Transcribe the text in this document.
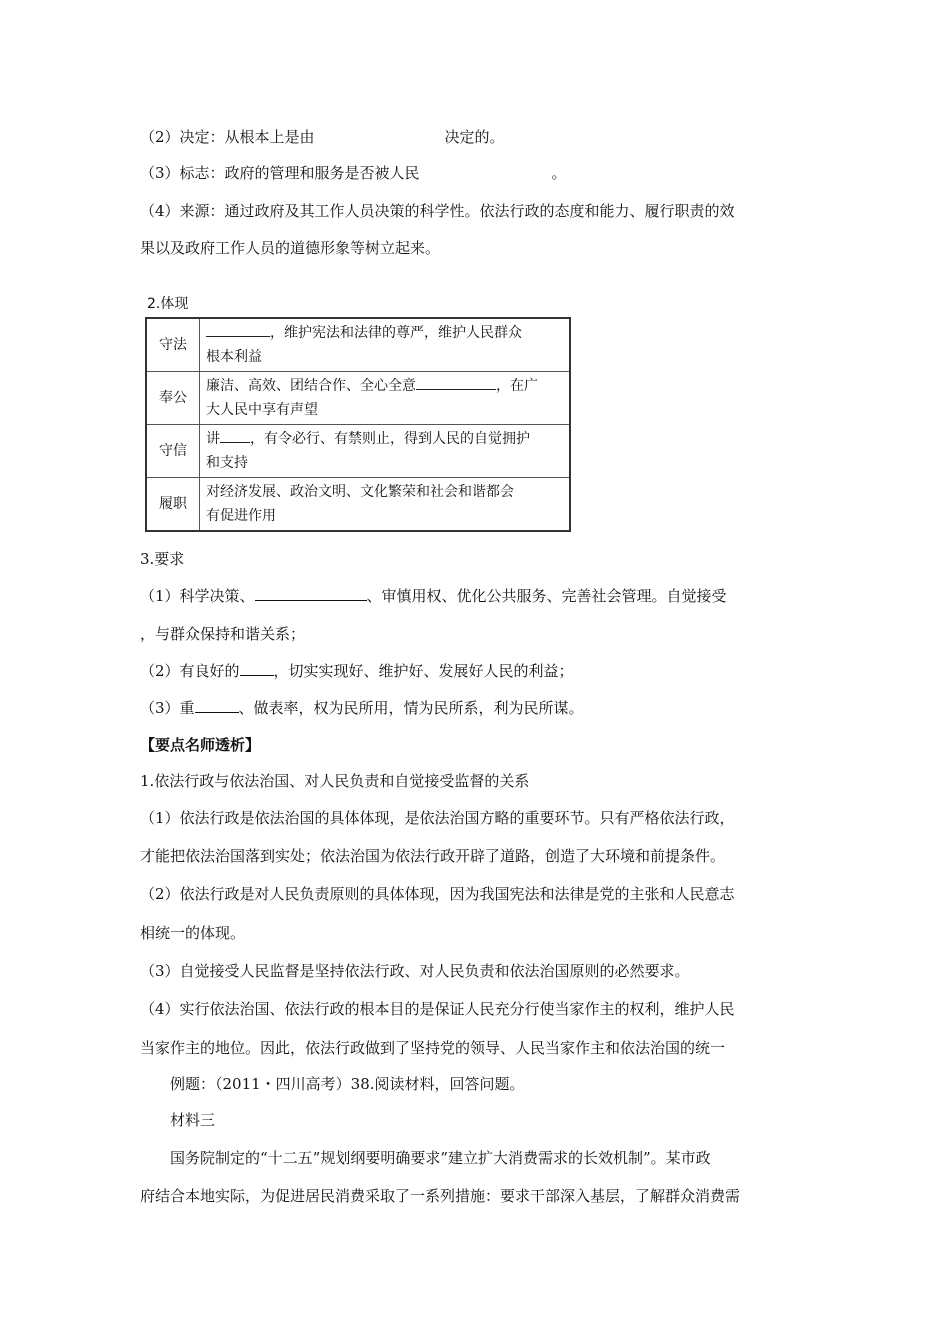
（2）决定：从根本上是由	决定的。
（3）标志：政府的管理和服务是否被人民	。
（4）来源：通过政府及其工作人员决策的科学性。依法行政的态度和能力、履行职责的效
果以及政府工作人员的道德形象等树立起来。
2.体现
守法	，维护宪法和法律的尊严，维护人民群众
根本利益
奉公	廉洁、高效、团结合作、全心全意 ，在广
大人民中享有声望
守信	讲 ，有令必行、有禁则止，得到人民的自觉拥护
和支持
履职	对经济发展、政治文明、文化繁荣和社会和谐都会
有促进作用
3.要求
（1）科学决策、	、审慎用权、优化公共服务、完善社会管理。自觉接受
，与群众保持和谐关系；
（2）有良好的 ，切实实现好、维护好、发展好人民的利益；
（3）重	、做表率，权为民所用，情为民所系，利为民所谋。
【要点名师透析】
1.依法行政与依法治国、对人民负责和自觉接受监督的关系
（1）依法行政是依法治国的具体体现，是依法治国方略的重要环节。只有严格依法行政，
才能把依法治国落到实处；依法治国为依法行政开辟了道路，创造了大环境和前提条件。
（2）依法行政是对人民负责原则的具体体现，因为我国宪法和法律是党的主张和人民意志
相统一的体现。
（3）自觉接受人民监督是坚持依法行政、对人民负责和依法治国原则的必然要求。
（4）实行依法治国、依法行政的根本目的是保证人民充分行使当家作主的权利，维护人民
当家作主的地位。因此，依法行政做到了坚持党的领导、人民当家作主和依法治国的统一
例题：（2011・四川高考）38.阅读材料，回答问题。
材料三
国务院制定的“十二五”规划纲要明确要求”建立扩大消费需求的长效机制”。某市政
府结合本地实际，为促进居民消费采取了一系列措施：要求干部深入基层，了解群众消费需
